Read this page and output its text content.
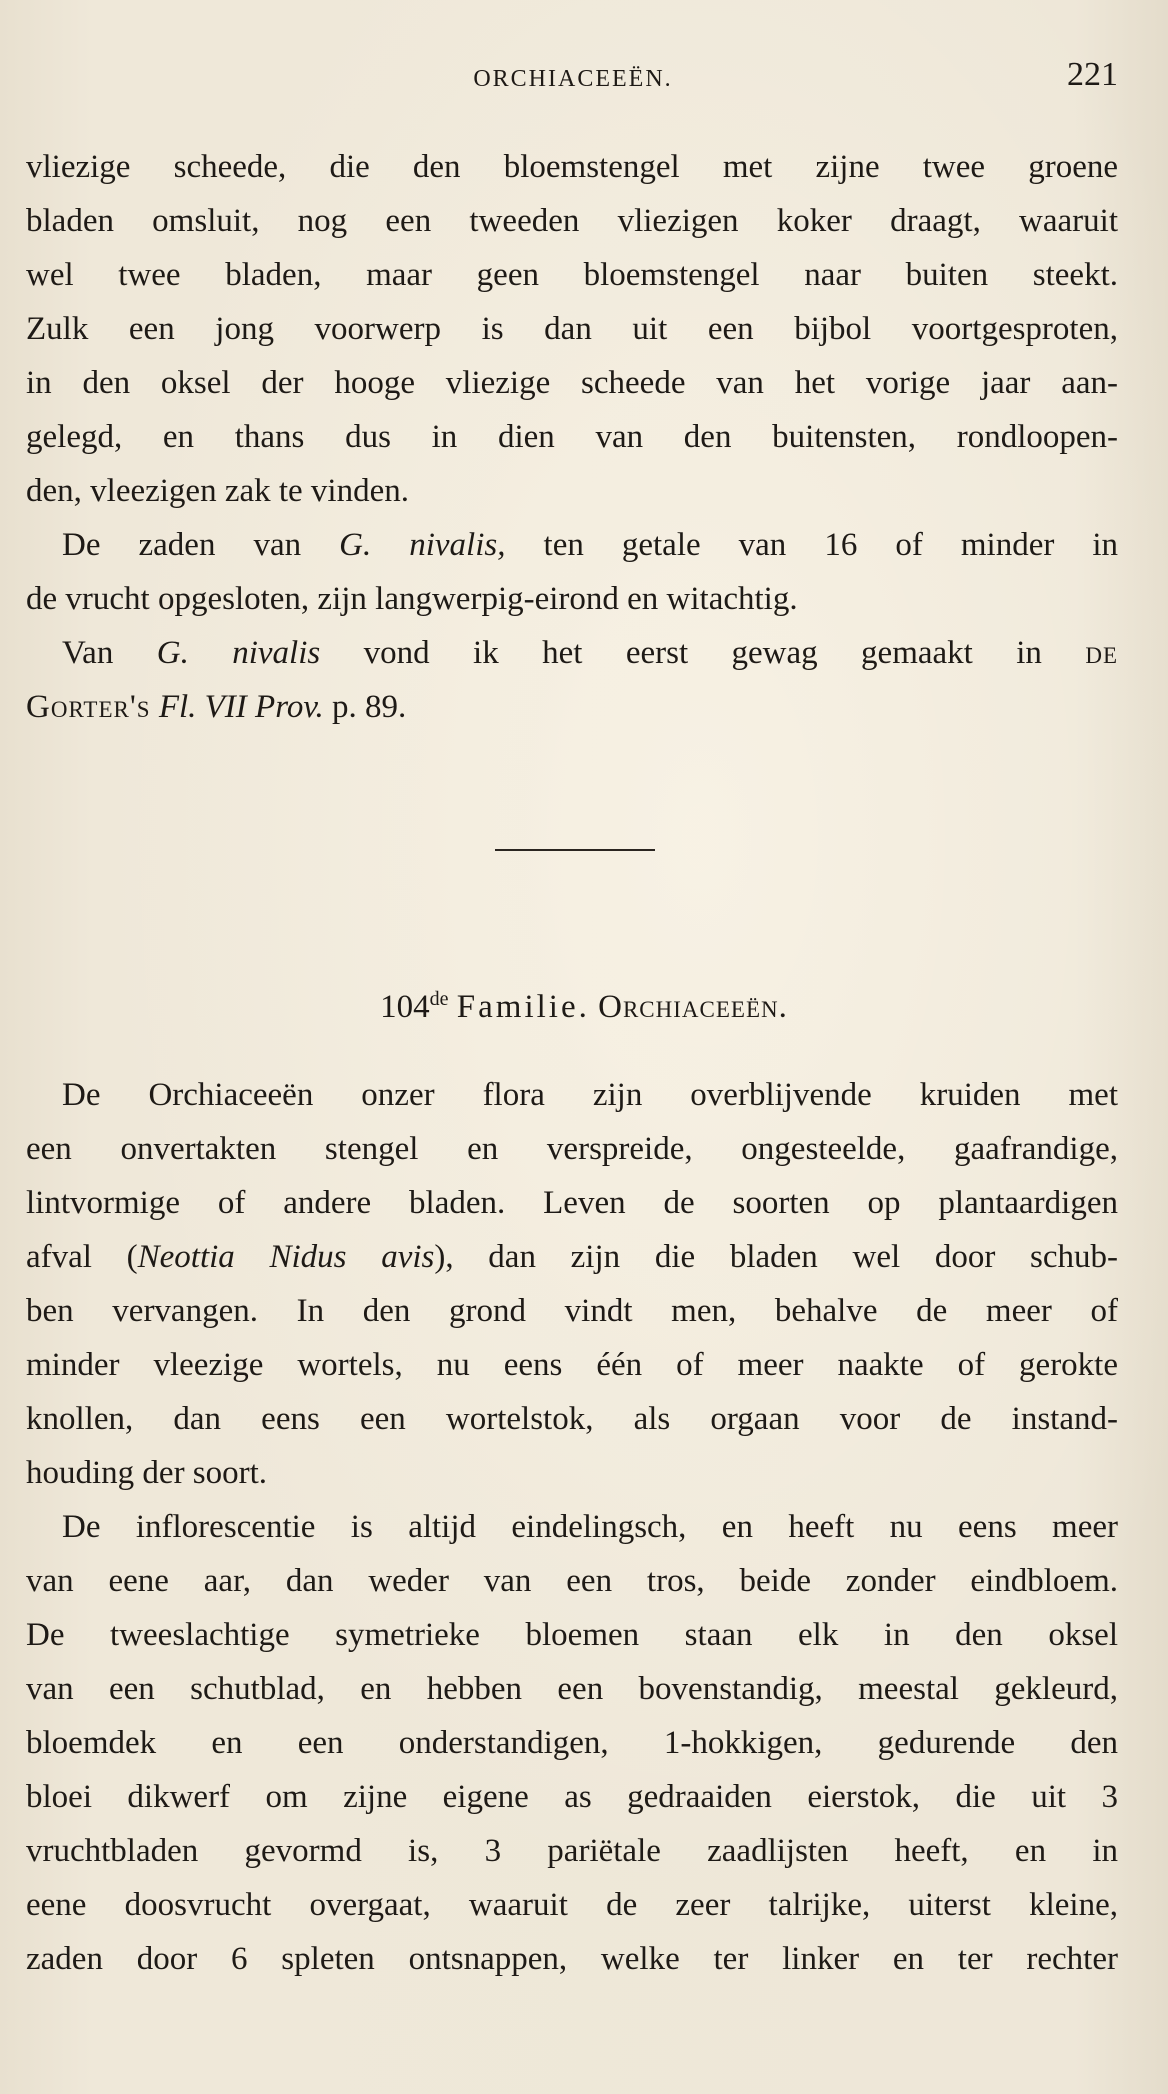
ORCHIACEEËN.	221
vliezige scheede, die den bloemstengel met zijne twee groene
bladen omsluit, nog een tweeden vliezigen koker draagt, waaruit
wel twee bladen, maar geen bloemstengel naar buiten steekt.
Zulk een jong voorwerp is dan uit een bijbol voortgesproten,
in den oksel der hooge vliezige scheede van het vorige jaar aan-
gelegd, en thans dus in dien van den buitensten, rondloopen-
den, vleezigen zak te vinden.
De zaden van G. nivalis, ten getale van 16 of minder in
de vrucht opgesloten, zijn langwerpig-eirond en witachtig.
Van G. nivalis vond ik het eerst gewag gemaakt in de
Gorter's Fl. VII Prov. p. 89.
104de Familie. Orchiaceeën.
De Orchiaceeën onzer flora zijn overblijvende kruiden met
een onvertakten stengel en verspreide, ongesteelde, gaafrandige,
lintvormige of andere bladen. Leven de soorten op plantaardigen
afval (Neottia Nidus avis), dan zijn die bladen wel door schub-
ben vervangen. In den grond vindt men, behalve de meer of
minder vleezige wortels, nu eens één of meer naakte of gerokte
knollen, dan eens een wortelstok, als orgaan voor de instand-
houding der soort.
De inflorescentie is altijd eindelingsch, en heeft nu eens meer
van eene aar, dan weder van een tros, beide zonder eindbloem.
De tweeslachtige symetrieke bloemen staan elk in den oksel
van een schutblad, en hebben een bovenstandig, meestal gekleurd,
bloemdek en een onderstandigen, 1-hokkigen, gedurende den
bloei dikwerf om zijne eigene as gedraaiden eierstok, die uit 3
vruchtbladen gevormd is, 3 pariëtale zaadlijsten heeft, en in
eene doosvrucht overgaat, waaruit de zeer talrijke, uiterst kleine,
zaden door 6 spleten ontsnappen, welke ter linker en ter rechter
